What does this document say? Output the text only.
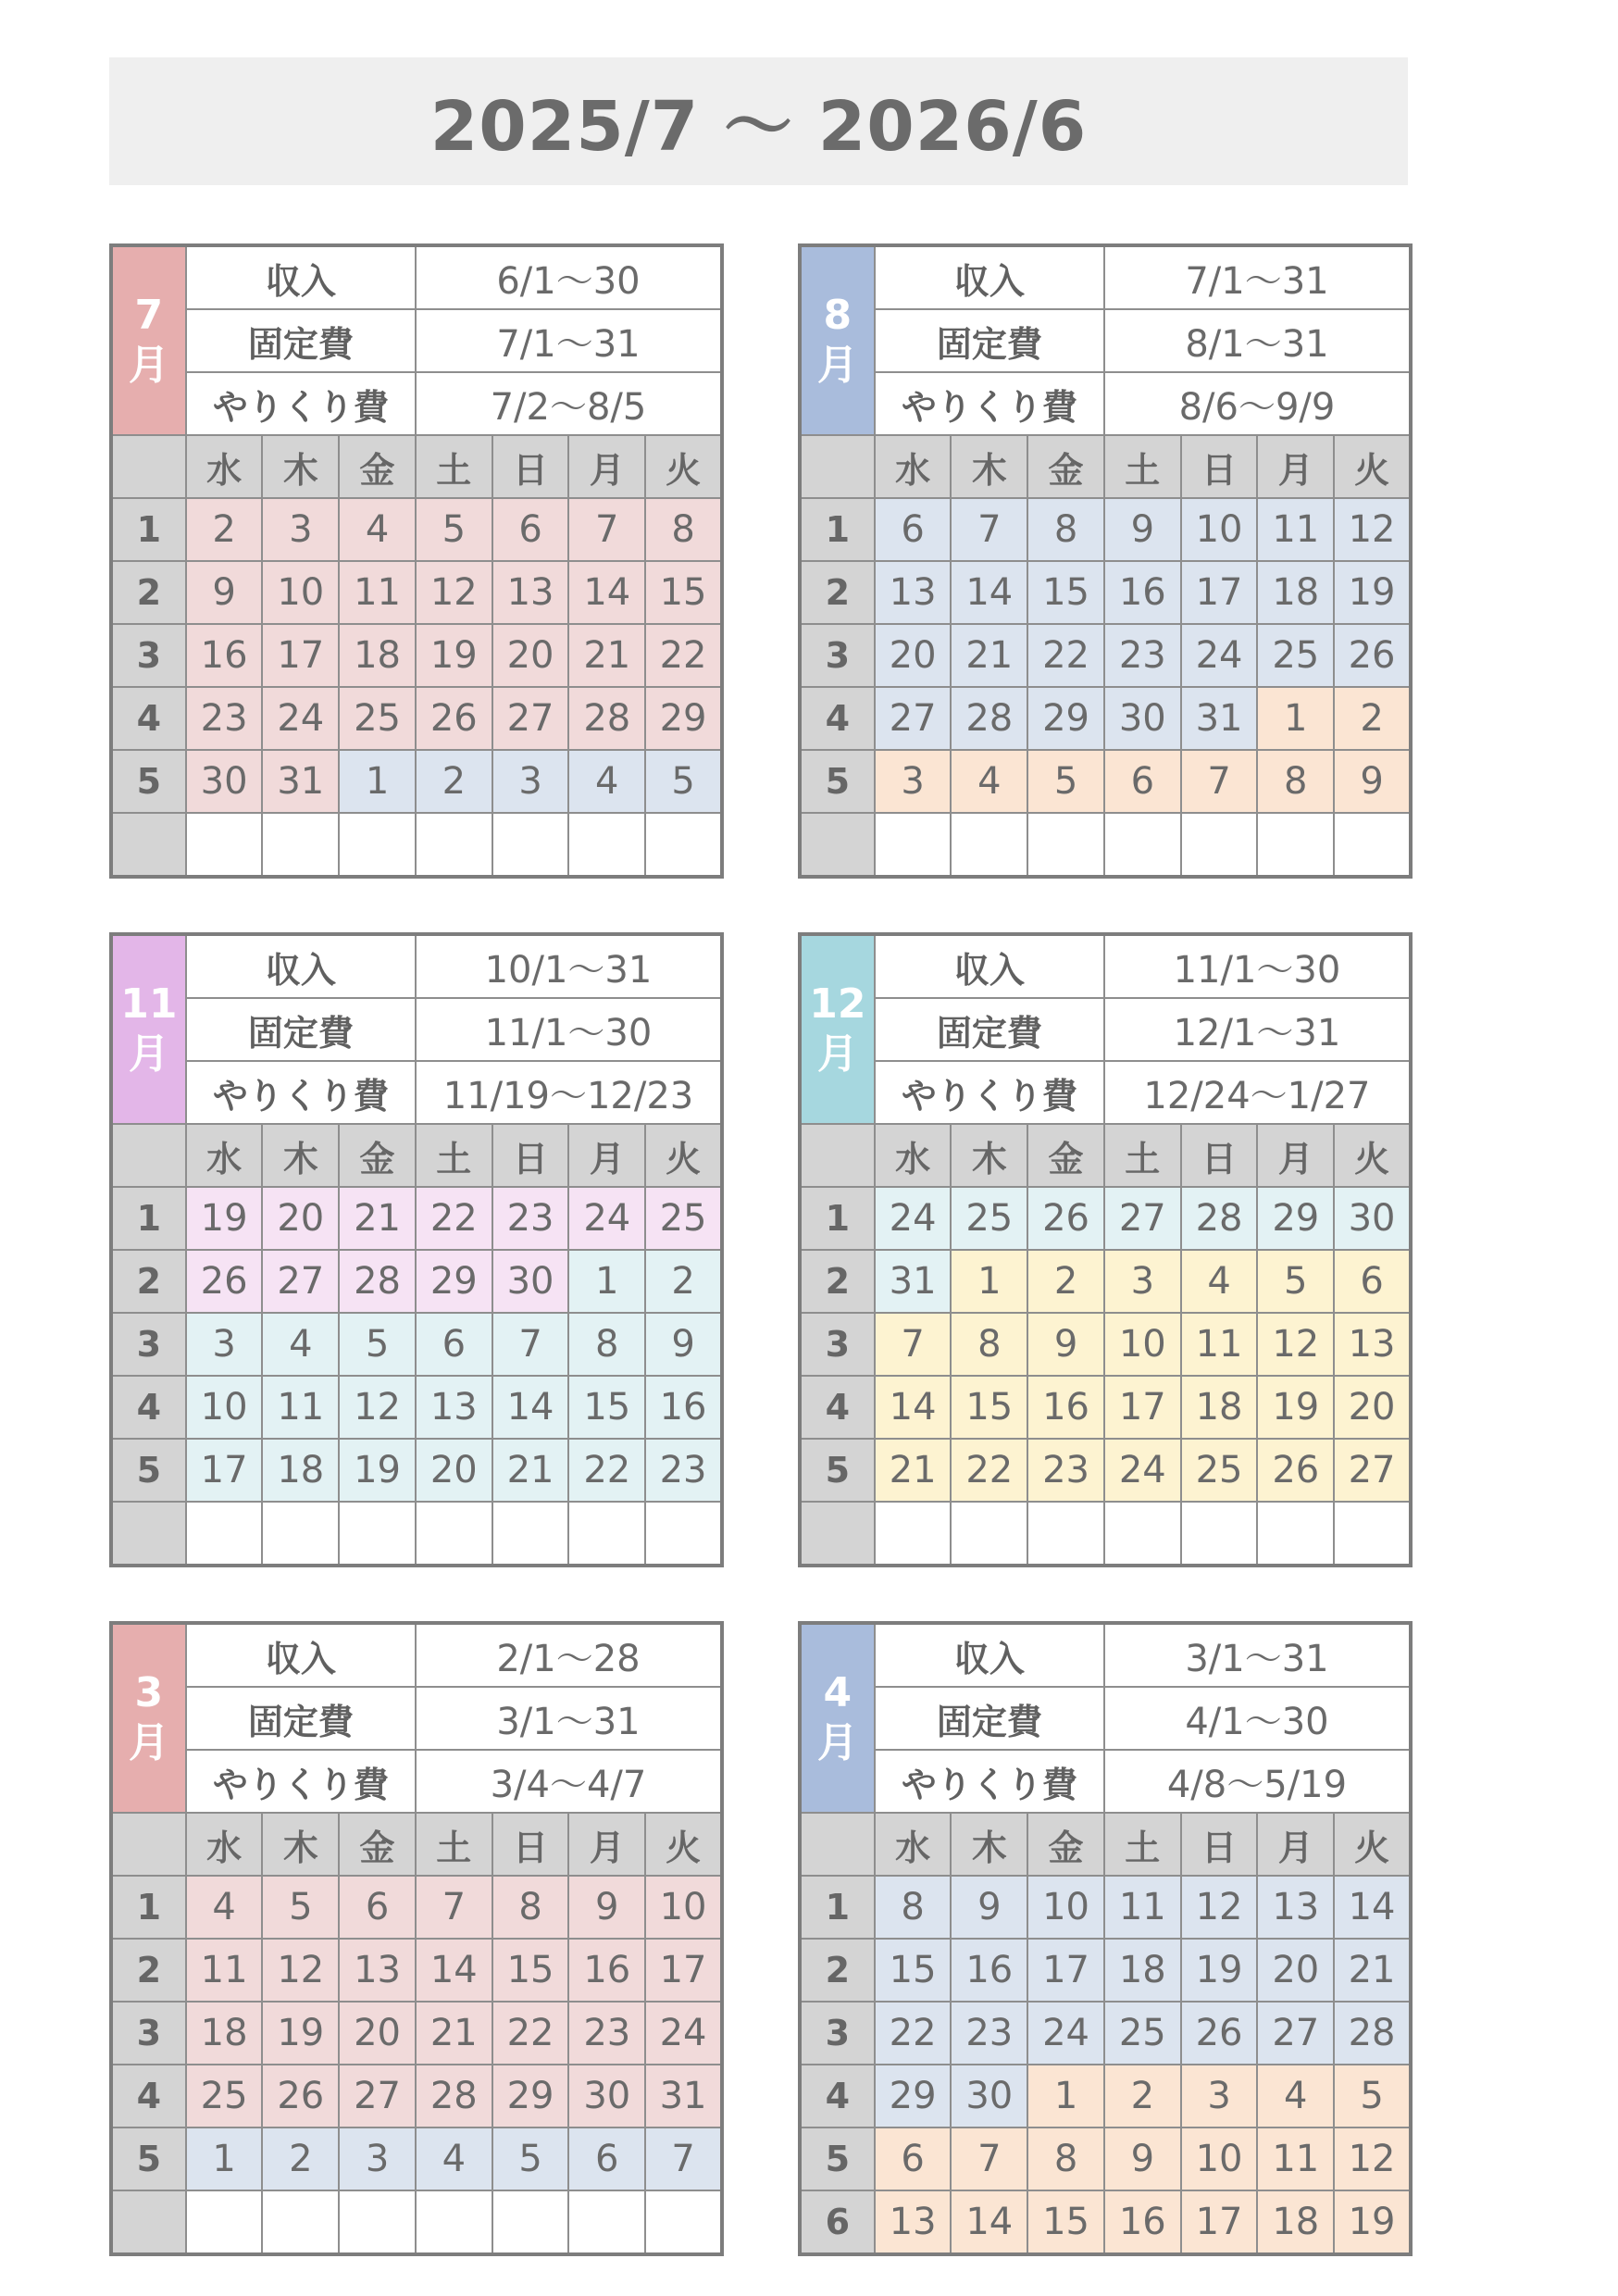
2025/7 〜 2026/6
7
月	収入			6/1〜30			
	固定費			7/1〜31			
	やりくり費			7/2〜8/5			
	水	木	金	土	日	月	火
1	2	3	4	5	6	7	8
2	9	10	11	12	13	14	15
3	16	17	18	19	20	21	22
4	23	24	25	26	27	28	29
5	30	31	1	2	3	4	5

8
月	収入			7/1〜31			
	固定費			8/1〜31			
	やりくり費			8/6〜9/9			
	水	木	金	土	日	月	火
1	6	7	8	9	10	11	12
2	13	14	15	16	17	18	19
3	20	21	22	23	24	25	26
4	27	28	29	30	31	1	2
5	3	4	5	6	7	8	9

11
月	収入			10/1〜31			
	固定費			11/1〜30			
	やりくり費			11/19〜12/23			
	水	木	金	土	日	月	火
1	19	20	21	22	23	24	25
2	26	27	28	29	30	1	2
3	3	4	5	6	7	8	9
4	10	11	12	13	14	15	16
5	17	18	19	20	21	22	23

12
月	収入			11/1〜30			
	固定費			12/1〜31			
	やりくり費			12/24〜1/27			
	水	木	金	土	日	月	火
1	24	25	26	27	28	29	30
2	31	1	2	3	4	5	6
3	7	8	9	10	11	12	13
4	14	15	16	17	18	19	20
5	21	22	23	24	25	26	27

3
月	収入			2/1〜28			
	固定費			3/1〜31			
	やりくり費			3/4〜4/7			
	水	木	金	土	日	月	火
1	4	5	6	7	8	9	10
2	11	12	13	14	15	16	17
3	18	19	20	21	22	23	24
4	25	26	27	28	29	30	31
5	1	2	3	4	5	6	7

4
月	収入			3/1〜31			
	固定費			4/1〜30			
	やりくり費			4/8〜5/19			
	水	木	金	土	日	月	火
1	8	9	10	11	12	13	14
2	15	16	17	18	19	20	21
3	22	23	24	25	26	27	28
4	29	30	1	2	3	4	5
5	6	7	8	9	10	11	12
6	13	14	15	16	17	18	19
